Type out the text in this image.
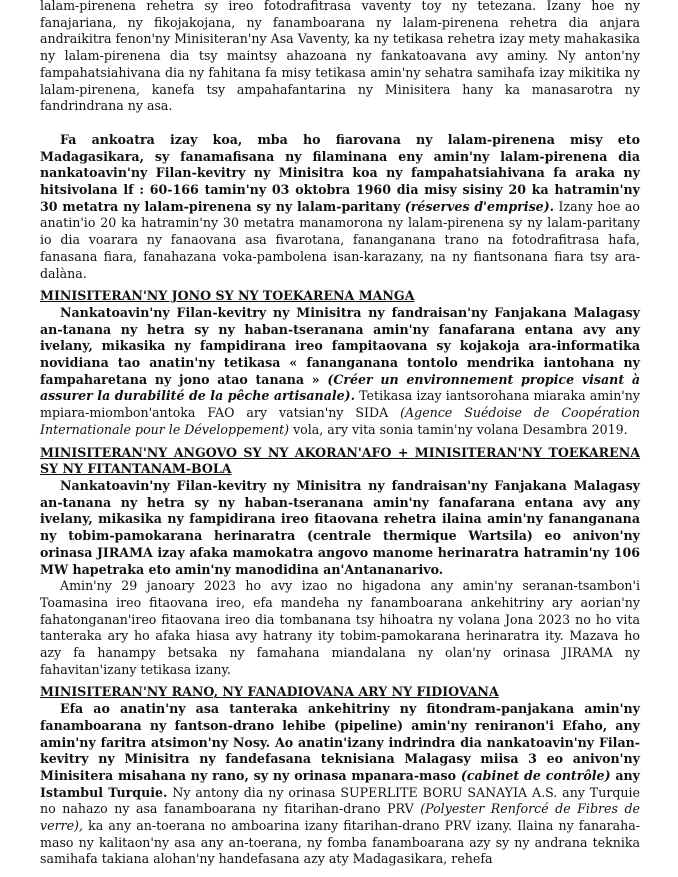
lalam-pirenena rehetra sy ireo fotodrafitrasa vaventy toy ny tetezana. Izany hoe ny fanajariana, ny fikojakojana, ny fanamboarana ny lalam-pirenena rehetra dia anjara andraikitra fenon'ny Minisiteran'ny Asa Vaventy, ka ny tetikasa rehetra izay mety mahakasika ny lalam-pirenena dia tsy maintsy ahazoana ny fankatoavana avy aminy. Ny anton'ny fampahatsiahivana dia ny fahitana fa misy tetikasa amin'ny sehatra samihafa izay mikitika ny lalam-pirenena, kanefa tsy ampahafantarina ny Minisitera hany ka manasarotra ny fandrindrana ny asa.

Fa ankoatra izay koa, mba ho fiarovana ny lalam-pirenena misy eto Madagasikara, sy fanamafisana ny filaminana eny amin'ny lalam-pirenena dia nankatoavin'ny Filan-kevitry ny Minisitra koa ny fampahatsiahivana fa araka ny hitsivolana lf : 60-166 tamin'ny 03 oktobra 1960 dia misy sisiny 20 ka hatramin'ny 30 metatra ny lalam-pirenena sy ny lalam-paritany (réserves d'emprise). Izany hoe ao anatin'io 20 ka hatramin'ny 30 metatra manamorona ny lalam-pirenena sy ny lalam-paritany io dia voarara ny fanaovana asa fivarotana, fananganana trano na fotodrafitrasa hafa, fanasana fiara, fanahazana voka-pambolena isan-karazany, na ny fiantsonana fiara tsy ara-dalàna.

MINISITERAN'NY JONO SY NY TOEKARENA MANGA

Nankatoavin'ny Filan-kevitry ny Minisitra ny fandraisan'ny Fanjakana Malagasy an-tanana ny hetra sy ny haban-tseranana amin'ny fanafarana entana avy any ivelany, mikasika ny fampidirana ireo fampitaovana sy kojakoja ara-informatika novidiana tao anatin'ny tetikasa « fananganana tontolo mendrika iantohana ny fampaharetana ny jono atao tanana » (Créer un environnement propice visant à assurer la durabilité de la pêche artisanale). Tetikasa izay iantsorohana miaraka amin'ny mpiara-miombon'antoka FAO ary vatsian'ny SIDA (Agence Suédoise de Coopération Internationale pour le Développement) vola, ary vita sonia tamin'ny volana Desambra 2019.

MINISITERAN'NY ANGOVO SY NY AKORAN'AFO + MINISITERAN'NY TOEKARENA SY NY FITANTANAM-BOLA

Nankatoavin'ny Filan-kevitry ny Minisitra ny fandraisan'ny Fanjakana Malagasy an-tanana ny hetra sy ny haban-tseranana amin'ny fanafarana entana avy any ivelany, mikasika ny fampidirana ireo fitaovana rehetra ilaina amin'ny fananganana ny tobim-pamokarana herinaratra (centrale thermique Wartsila) eo anivon'ny orinasa JIRAMA izay afaka mamokatra angovo manome herinaratra hatramin'ny 106 MW hapetraka eto amin'ny manodidina an'Antananarivo.

Amin'ny 29 janoary 2023 ho avy izao no higadona any amin'ny seranan-tsambon'i Toamasina ireo fitaovana ireo, efa mandeha ny fanamboarana ankehitriny ary aorian'ny fahatonganan'ireo fitaovana ireo dia tombanana tsy hihoatra ny volana Jona 2023 no ho vita tanteraka ary ho afaka hiasa avy hatrany ity tobim-pamokarana herinaratra ity. Mazava ho azy fa hanampy betsaka ny famahana miandalana ny olan'ny orinasa JIRAMA ny fahavitan'izany tetikasa izany.

MINISITERAN'NY RANO, NY FANADIOVANA ARY NY FIDIOVANA

Efa ao anatin'ny asa tanteraka ankehitriny ny fitondram-panjakana amin'ny fanamboarana ny fantson-drano lehibe (pipeline) amin'ny reniranon'i Efaho, any amin'ny faritra atsimon'ny Nosy. Ao anatin'izany indrindra dia nankatoavin'ny Filan-kevitry ny Minisitra ny fandefasana teknisiana Malagasy miisa 3 eo anivon'ny Minisitera misahana ny rano, sy ny orinasa mpanara-maso (cabinet de contrôle) any Istambul Turquie. Ny antony dia ny orinasa SUPERLITE BORU SANAYIA A.S. any Turquie no nahazo ny asa fanamboarana ny fitarihan-drano PRV (Polyester Renforcé de Fibres de verre), ka any an-toerana no amboarina izany fitarihan-drano PRV izany. Ilaina ny fanaraha-maso ny kalitaon'ny asa any an-toerana, ny fomba fanamboarana azy sy ny andrana teknika samihafa takiana alohan'ny handefasana azy aty Madagasikara, rehefa
